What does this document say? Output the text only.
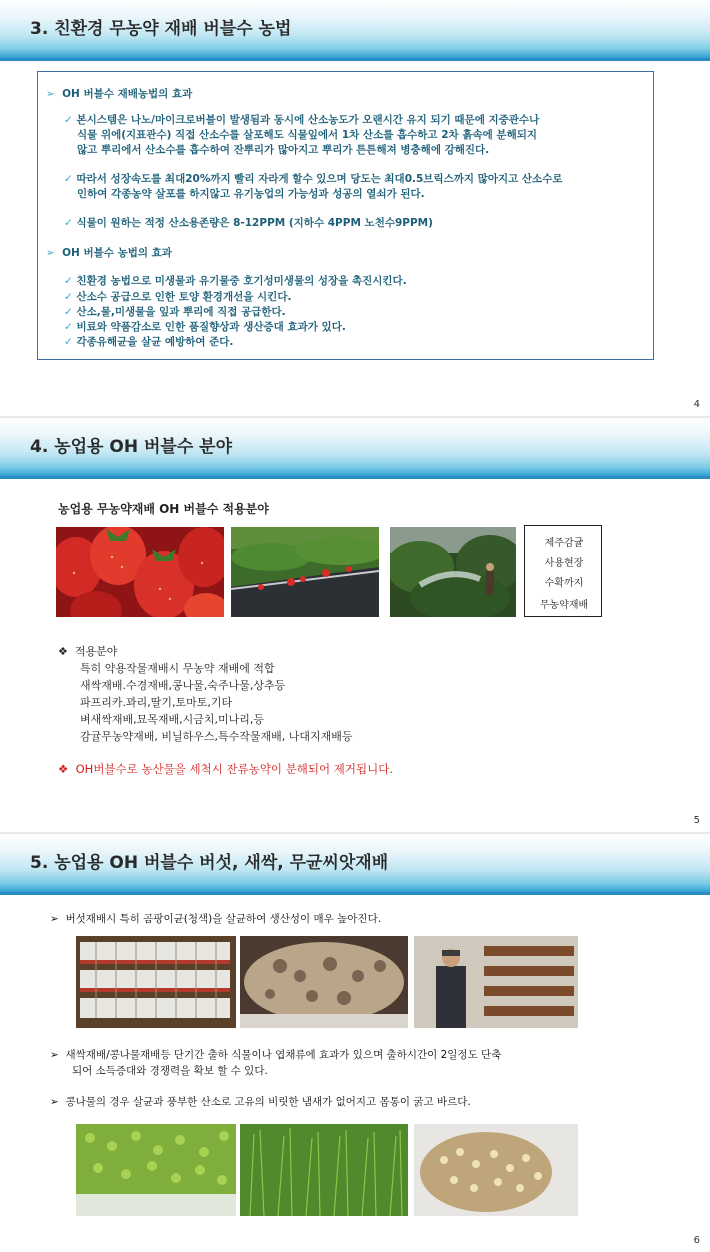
3. 친환경 무농약 재배 버블수 농법
➢ OH 버블수 재배농법의 효과
✓ 본시스템은 나노/마이크로버블이 발생됨과 동시에 산소농도가 오랜시간 유지 되기 때문에 지중관수나
식물 위에(지표관수) 직접 산소수를 살포해도 식물잎에서 1차 산소를 흡수하고 2차 흙속에 분해되지
않고 뿌리에서 산소수를 흡수하여 잔뿌리가 많아지고 뿌리가 튼튼해져 병충해에 강해진다.
✓ 따라서 성장속도를 최대20%까지 빨리 자라게 할수 있으며 당도는 최대0.5브릭스까지 많아지고 산소수로
인하여 각종농약 살포를 하지않고 유기농업의 가능성과 성공의 열쇠가 된다.
✓ 식물이 원하는 적정 산소용존량은 8-12PPM (지하수 4PPM 노천수9PPM)
➢ OH 버블수 농법의 효과
✓ 친환경 농법으로 미생물과 유기물중 호기성미생물의 성장을 촉진시킨다.
✓ 산소수 공급으로 인한 토양 환경개선을 시킨다.
✓ 산소,물,미생물을 잎과 뿌리에 직접 공급한다.
✓ 비료와 약품감소로 인한 품질향상과 생산증대 효과가 있다.
✓ 각종유해균을 살균 예방하여 준다.
4
4. 농업용 OH 버블수 분야
농업용 무농약재배 OH 버블수 적용분야
제주감귤
사용현장
수확까지
무농약재배
❖ 적용분야
특히 약용작물재배시 무농약 재배에 적합
새싹재배.수경재배,콩나물,숙주나물,상추등
파프리카.꽈리,딸기,토마토,기타
벼새싹재배,묘목재배,시금치,미나리,등
감귤무농약재배, 비닐하우스,특수작물재배, 나대지재배등
❖ OH버블수로 농산물을 세척시 잔류농약이 분해되어 제거됩니다.
5
5. 농업용 OH 버블수 버섯, 새싹, 무균씨앗재배
➢ 버섯재배시 특히 곰팡이균(청색)을 살균하여 생산성이 매우 높아진다.
➢ 새싹재배/콩나물재배등 단기간 출하 식물이나 엽채류에 효과가 있으며 출하시간이 2일정도 단축
되어 소득증대와 경쟁력을 확보 할 수 있다.
➢ 콩나물의 경우 살균과 풍부한 산소로 고유의 비릿한 냄새가 없어지고 몸통이 굵고 바르다.
6
